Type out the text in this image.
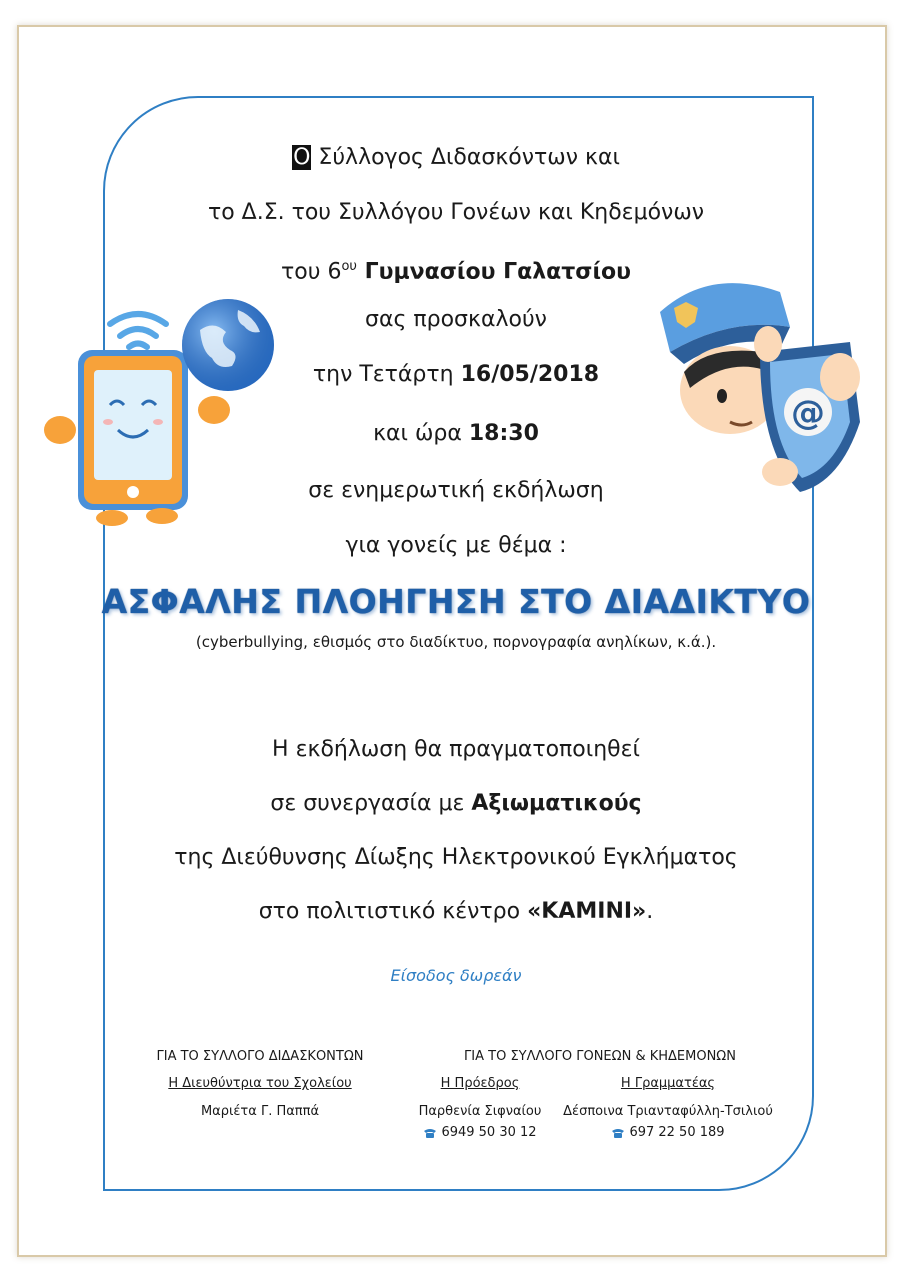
@
Ο Σύλλογος Διδασκόντων και
το Δ.Σ. του Συλλόγου Γονέων και Κηδεμόνων
του $6^{o\upsilon}$ Γυμνασίου Γαλατσίου
σας προσκαλούν
την Τετάρτη 16/05/2018
και ώρα 18:30
σε ενημερωτική εκδήλωση
για γονείς με θέμα :
ΑΣΦΑΛΗΣ ΠΛΟΗΓΗΣΗ ΣΤΟ ΔΙΑΔΙΚΤΥΟ
(cyberbullying, εθισμός στο διαδίκτυο, πορνογραφία ανηλίκων, κ.ά.).
Η εκδήλωση θα πραγματοποιηθεί
σε συνεργασία με Αξιωματικούς
της Διεύθυνσης Δίωξης Ηλεκτρονικού Εγκλήματος
στο πολιτιστικό κέντρο «ΚΑΜΙΝΙ».
Είσοδος δωρεάν
ΓΙΑ ΤΟ ΣΥΛΛΟΓΟ ΔΙΔΑΣΚΟΝΤΩΝ
Η Διευθύντρια του Σχολείου
Μαριέτα Γ. Παππά
ΓΙΑ ΤΟ ΣΥΛΛΟΓΟ ΓΟΝΕΩΝ & ΚΗΔΕΜΟΝΩΝ
Η Πρόεδρος
Παρθενία Σιφναίου
6949 50 30 12
Η Γραμματέας
Δέσποινα Τριανταφύλλη-Τσιλιού
697 22 50 189
